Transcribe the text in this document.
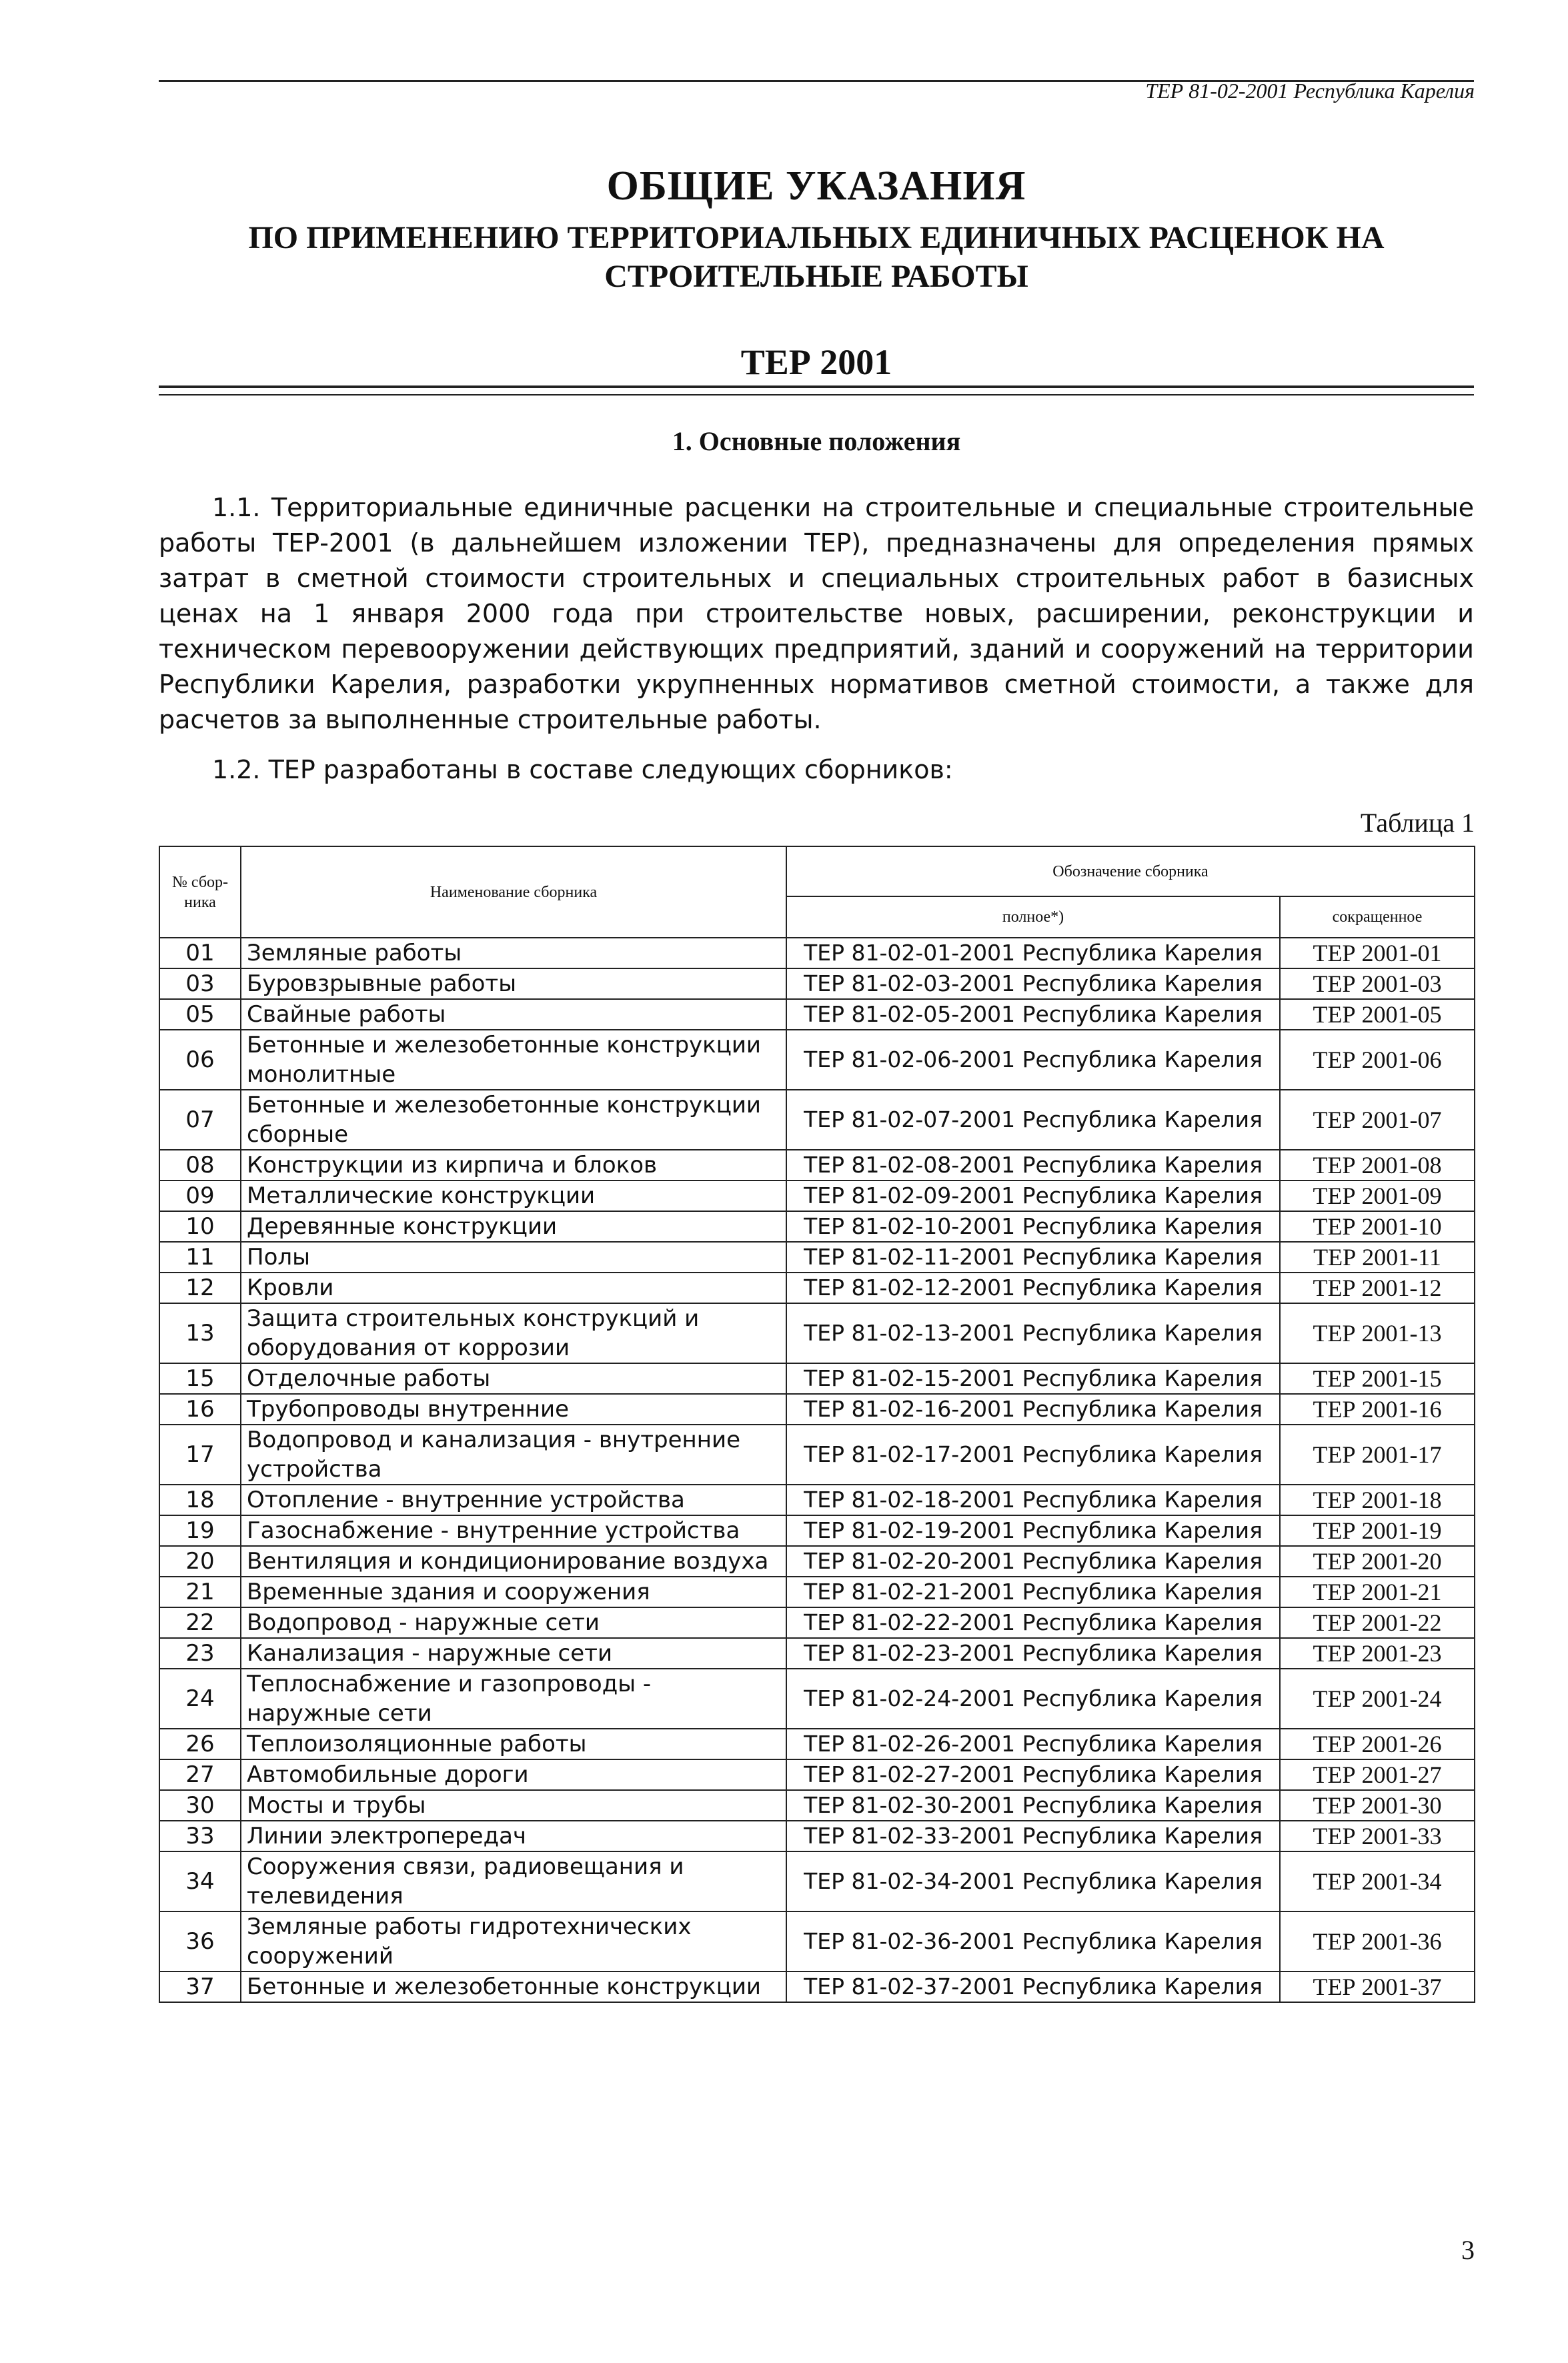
ТЕР 81-02-2001 Республика Карелия
ОБЩИЕ УКАЗАНИЯ
ПО ПРИМЕНЕНИЮ ТЕРРИТОРИАЛЬНЫХ ЕДИНИЧНЫХ РАСЦЕНОК НА СТРОИТЕЛЬНЫЕ РАБОТЫ
ТЕР 2001
1. Основные положения
1.1. Территориальные единичные расценки на строительные и специальные строительные работы ТЕР-2001 (в дальнейшем изложении ТЕР), предназначены для определения прямых затрат в сметной стоимости строительных и специальных строительных работ в базисных ценах на 1 января 2000 года при строительстве новых, расширении, реконструкции и техническом перевооружении действующих предприятий, зданий и сооружений на территории Республики Карелия, разработки укрупненных нормативов сметной стоимости, а также для расчетов за выполненные строительные работы.
1.2. ТЕР разработаны в составе следующих сборников:
Таблица 1
№ сбор- ника	Наименование сборника	Обозначение сборника	
		полное*)	сокращенное
01	Земляные работы	ТЕР 81-02-01-2001 Республика Карелия	ТЕР 2001-01
03	Буровзрывные работы	ТЕР 81-02-03-2001 Республика Карелия	ТЕР 2001-03
05	Свайные работы	ТЕР 81-02-05-2001 Республика Карелия	ТЕР 2001-05
06	Бетонные и железобетонные конструкции монолитные	ТЕР 81-02-06-2001 Республика Карелия	ТЕР 2001-06
07	Бетонные и железобетонные конструкции сборные	ТЕР 81-02-07-2001 Республика Карелия	ТЕР 2001-07
08	Конструкции из кирпича и блоков	ТЕР 81-02-08-2001 Республика Карелия	ТЕР 2001-08
09	Металлические конструкции	ТЕР 81-02-09-2001 Республика Карелия	ТЕР 2001-09
10	Деревянные конструкции	ТЕР 81-02-10-2001 Республика Карелия	ТЕР 2001-10
11	Полы	ТЕР 81-02-11-2001 Республика Карелия	ТЕР 2001-11
12	Кровли	ТЕР 81-02-12-2001 Республика Карелия	ТЕР 2001-12
13	Защита строительных конструкций и оборудования от коррозии	ТЕР 81-02-13-2001 Республика Карелия	ТЕР 2001-13
15	Отделочные работы	ТЕР 81-02-15-2001 Республика Карелия	ТЕР 2001-15
16	Трубопроводы внутренние	ТЕР 81-02-16-2001 Республика Карелия	ТЕР 2001-16
17	Водопровод и канализация - внутренние устройства	ТЕР 81-02-17-2001 Республика Карелия	ТЕР 2001-17
18	Отопление - внутренние устройства	ТЕР 81-02-18-2001 Республика Карелия	ТЕР 2001-18
19	Газоснабжение - внутренние устройства	ТЕР 81-02-19-2001 Республика Карелия	ТЕР 2001-19
20	Вентиляция и кондиционирование воздуха	ТЕР 81-02-20-2001 Республика Карелия	ТЕР 2001-20
21	Временные здания и сооружения	ТЕР 81-02-21-2001 Республика Карелия	ТЕР 2001-21
22	Водопровод - наружные сети	ТЕР 81-02-22-2001 Республика Карелия	ТЕР 2001-22
23	Канализация - наружные сети	ТЕР 81-02-23-2001 Республика Карелия	ТЕР 2001-23
24	Теплоснабжение и газопроводы - наружные сети	ТЕР 81-02-24-2001 Республика Карелия	ТЕР 2001-24
26	Теплоизоляционные работы	ТЕР 81-02-26-2001 Республика Карелия	ТЕР 2001-26
27	Автомобильные дороги	ТЕР 81-02-27-2001 Республика Карелия	ТЕР 2001-27
30	Мосты и трубы	ТЕР 81-02-30-2001 Республика Карелия	ТЕР 2001-30
33	Линии электропередач	ТЕР 81-02-33-2001 Республика Карелия	ТЕР 2001-33
34	Сооружения связи, радиовещания и телевидения	ТЕР 81-02-34-2001 Республика Карелия	ТЕР 2001-34
36	Земляные работы гидротехнических сооружений	ТЕР 81-02-36-2001 Республика Карелия	ТЕР 2001-36
37	Бетонные и железобетонные конструкции	ТЕР 81-02-37-2001 Республика Карелия	ТЕР 2001-37
3
